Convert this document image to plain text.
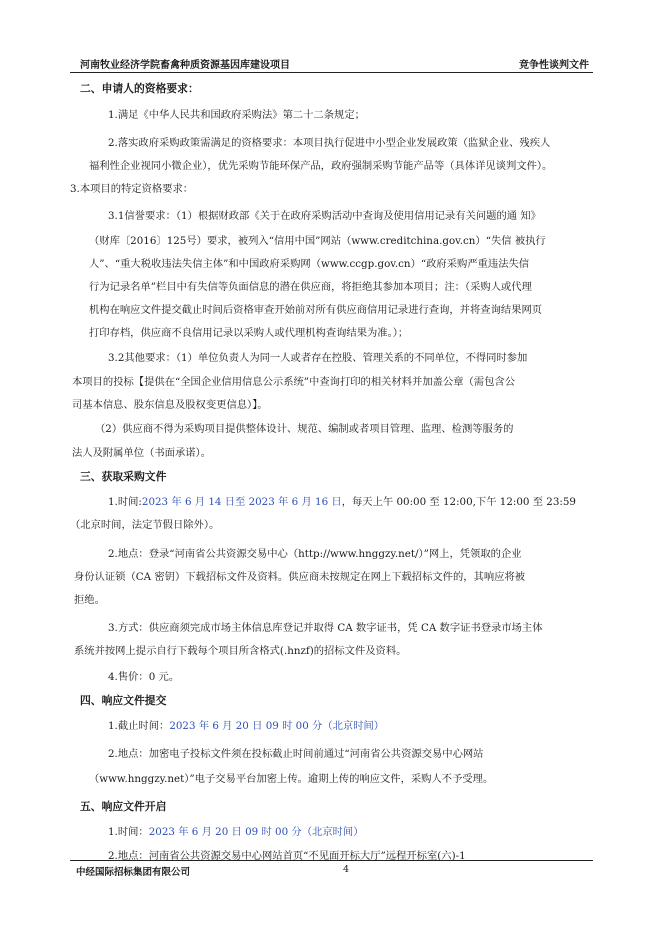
河南牧业经济学院畜禽种质资源基因库建设项目	竞争性谈判文件
二、申请人的资格要求：
1.满足《中华人民共和国政府采购法》第二十二条规定；
2.落实政府采购政策需满足的资格要求：本项目执行促进中小型企业发展政策（监狱企业、残疾人
福利性企业视同小微企业），优先采购节能环保产品，政府强制采购节能产品等（具体详见谈判文件）。
3.本项目的特定资格要求：
3.1信誉要求：（1）根据财政部《关于在政府采购活动中查询及使用信用记录有关问题的通 知》
（财库〔2016〕125号）要求，被列入“信用中国”网站（www.creditchina.gov.cn）“失信 被执行
人”、“重大税收违法失信主体”和中国政府采购网（www.ccgp.gov.cn）“政府采购严重违法失信
行为记录名单”栏目中有失信等负面信息的潜在供应商，将拒绝其参加本项目；注：（采购人或代理
机构在响应文件提交截止时间后资格审查开始前对所有供应商信用记录进行查询，并将查询结果网页
打印存档，供应商不良信用记录以采购人或代理机构查询结果为准。）；
3.2其他要求：（1）单位负责人为同一人或者存在控股、管理关系的不同单位，不得同时参加
本项目的投标【提供在“全国企业信用信息公示系统”中查询打印的相关材料并加盖公章（需包含公
司基本信息、股东信息及股权变更信息）】。
（2）供应商不得为采购项目提供整体设计、规范、编制或者项目管理、监理、检测等服务的
法人及附属单位（书面承诺）。
三、获取采购文件
1.时间:2023 年 6 月 14 日至 2023 年 6 月 16 日，每天上午 00:00 至 12:00,下午 12:00 至 23:59
（北京时间，法定节假日除外）。
2.地点：登录“河南省公共资源交易中心（http://www.hnggzy.net/）”网上，凭领取的企业
身份认证锁（CA 密钥）下载招标文件及资料。供应商未按规定在网上下载招标文件的，其响应将被
拒绝。
3.方式：供应商须完成市场主体信息库登记并取得 CA 数字证书，凭 CA 数字证书登录市场主体
系统并按网上提示自行下载每个项目所含格式(.hnzf)的招标文件及资料。
4.售价：0 元。
四、响应文件提交
1.截止时间：2023 年 6 月 20 日 09 时 00 分（北京时间）
2.地点：加密电子投标文件须在投标截止时间前通过“河南省公共资源交易中心网站
（www.hnggzy.net）”电子交易平台加密上传。逾期上传的响应文件，采购人不予受理。
五、响应文件开启
1.时间：2023 年 6 月 20 日 09 时 00 分（北京时间）
2.地点：河南省公共资源交易中心网站首页“不见面开标大厅”远程开标室(六)-1
中经国际招标集团有限公司	4
